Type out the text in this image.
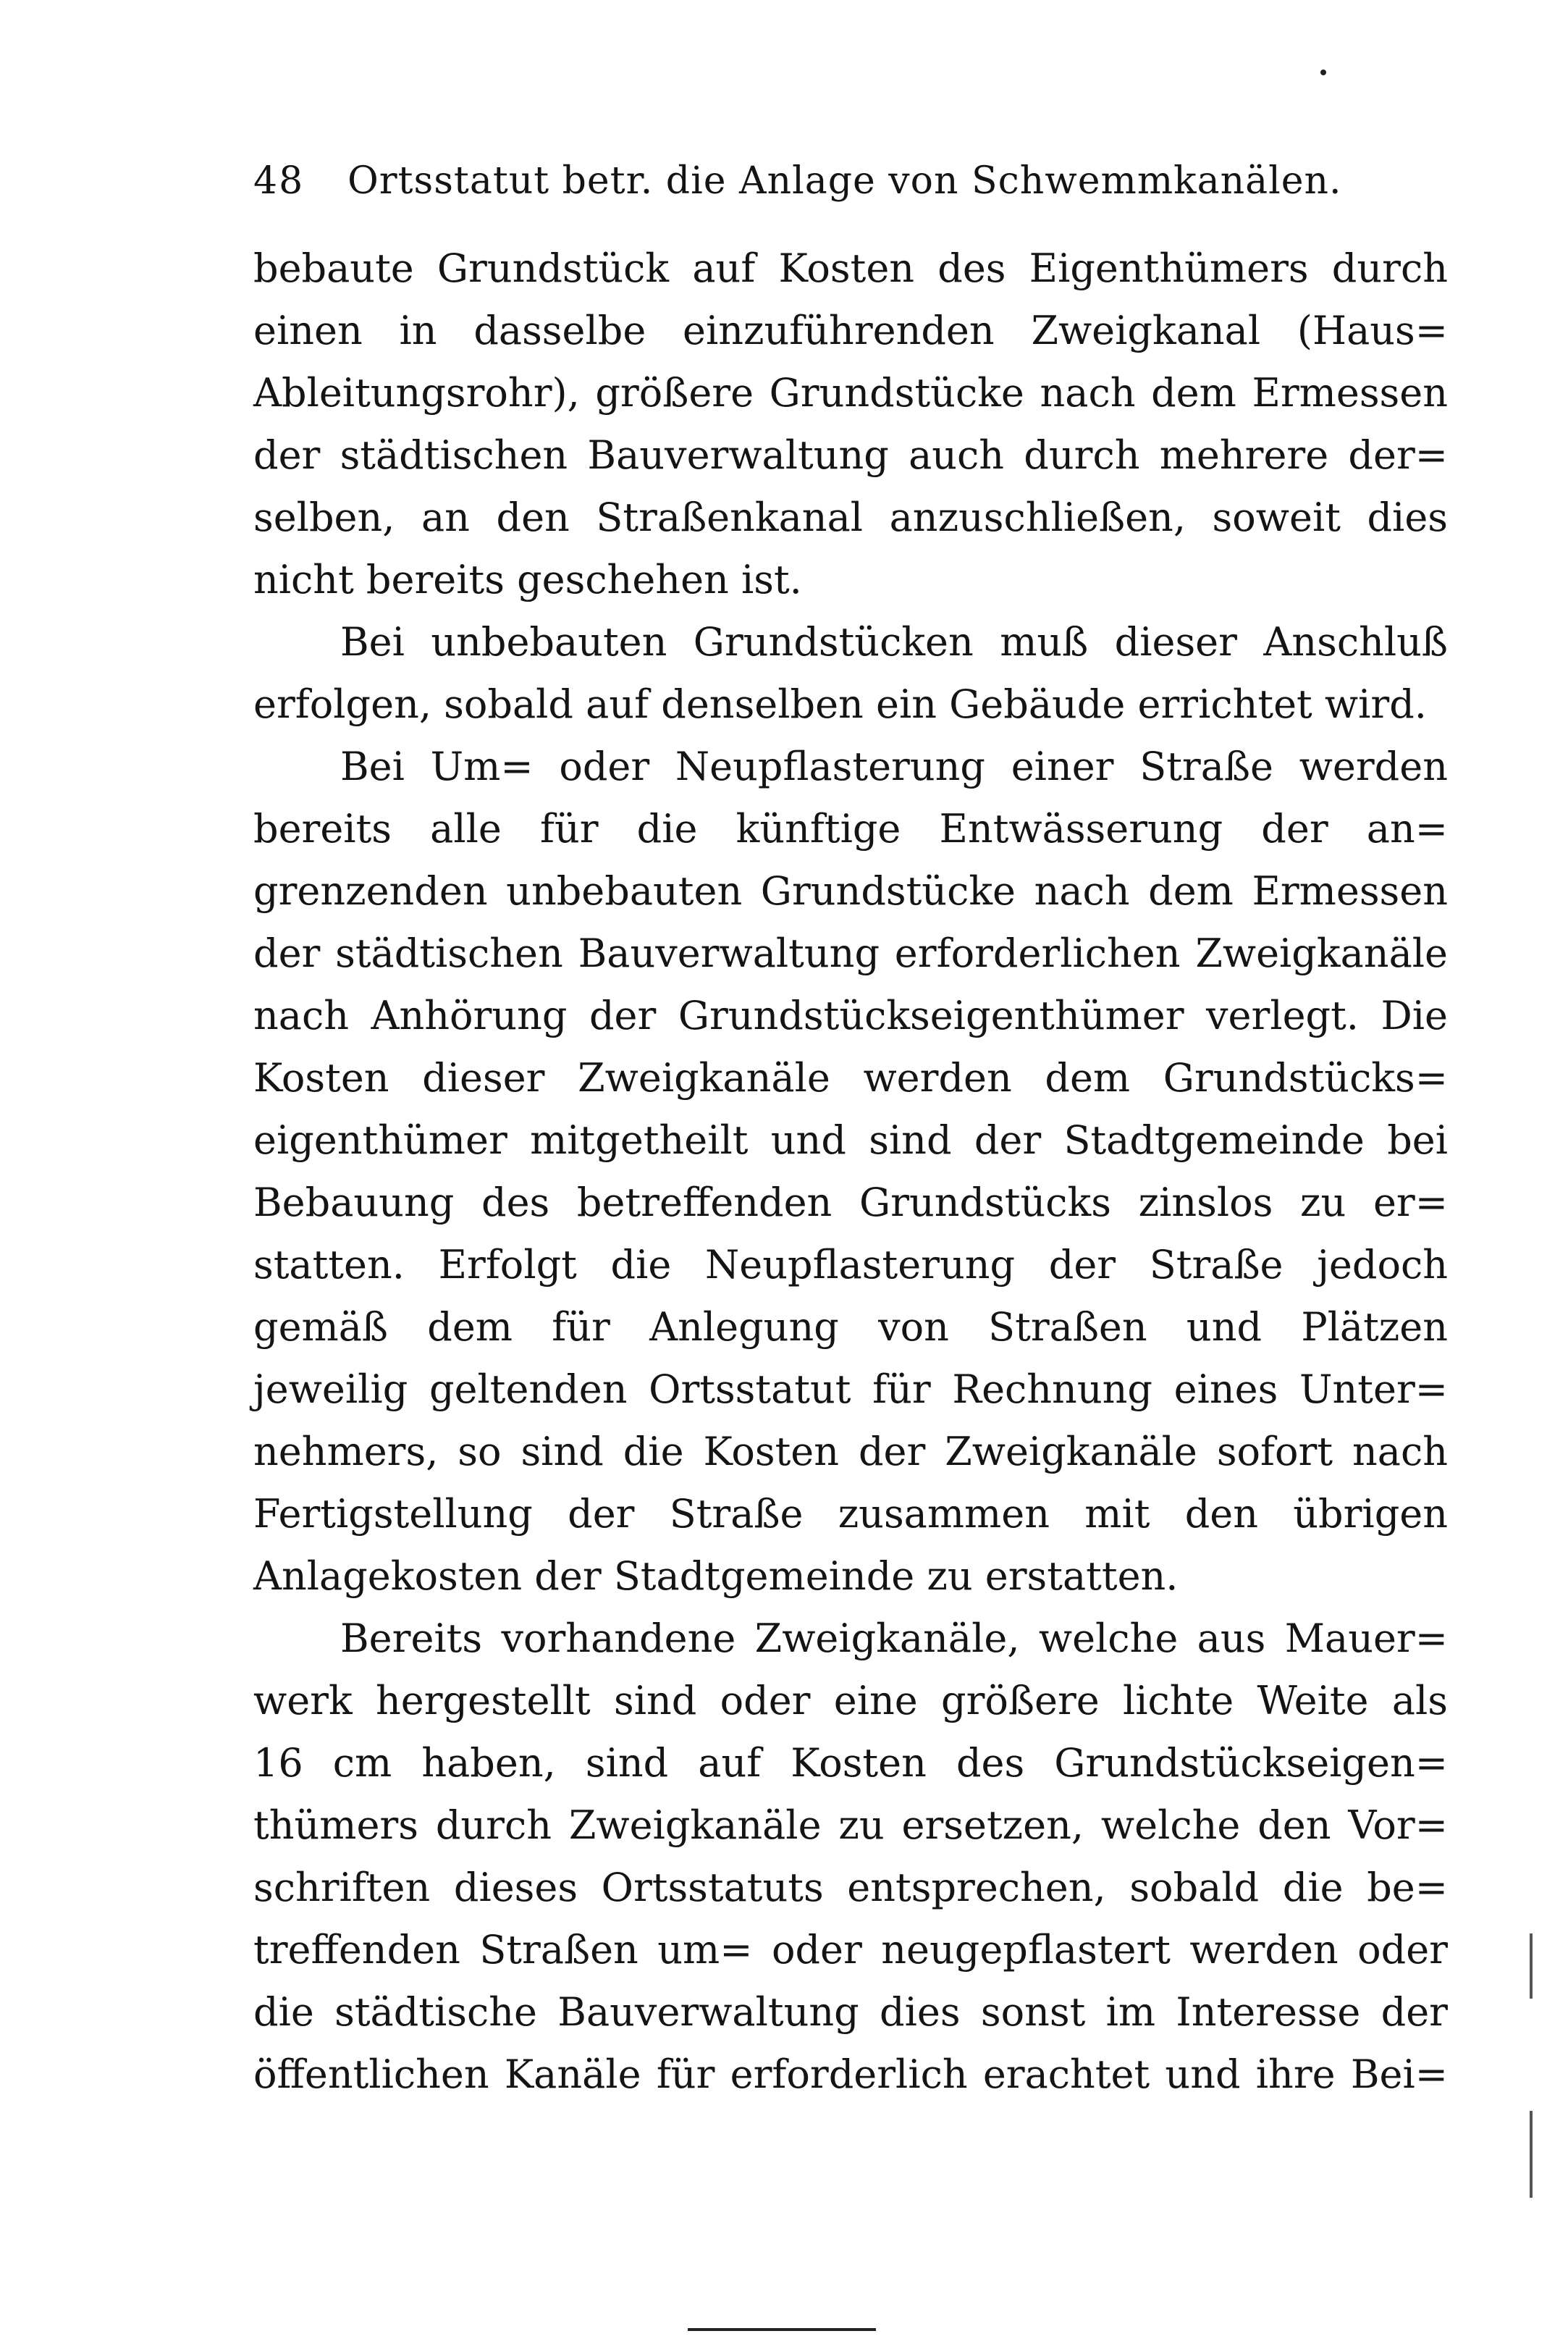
48 Ortsstatut betr. die Anlage von Schwemmkanälen.

bebaute Grundstück auf Kosten des Eigenthümers durch

einen in dasselbe einzuführenden Zweigkanal (Haus=

Ableitungsrohr), größere Grundstücke nach dem Ermessen

der städtischen Bauverwaltung auch durch mehrere der=

selben, an den Straßenkanal anzuschließen, soweit dies

nicht bereits geschehen ist.

Bei unbebauten Grundstücken muß dieser Anschluß

erfolgen, sobald auf denselben ein Gebäude errichtet wird.

Bei Um= oder Neupflasterung einer Straße werden

bereits alle für die künftige Entwässerung der an=

grenzenden unbebauten Grundstücke nach dem Ermessen

der städtischen Bauverwaltung erforderlichen Zweigkanäle

nach Anhörung der Grundstückseigenthümer verlegt. Die

Kosten dieser Zweigkanäle werden dem Grundstücks=

eigenthümer mitgetheilt und sind der Stadtgemeinde bei

Bebauung des betreffenden Grundstücks zinslos zu er=

statten. Erfolgt die Neupflasterung der Straße jedoch

gemäß dem für Anlegung von Straßen und Plätzen

jeweilig geltenden Ortsstatut für Rechnung eines Unter=

nehmers, so sind die Kosten der Zweigkanäle sofort nach

Fertigstellung der Straße zusammen mit den übrigen

Anlagekosten der Stadtgemeinde zu erstatten.

Bereits vorhandene Zweigkanäle, welche aus Mauer=

werk hergestellt sind oder eine größere lichte Weite als

16 cm haben, sind auf Kosten des Grundstückseigen=

thümers durch Zweigkanäle zu ersetzen, welche den Vor=

schriften dieses Ortsstatuts entsprechen, sobald die be=

treffenden Straßen um= oder neugepflastert werden oder

die städtische Bauverwaltung dies sonst im Interesse der

öffentlichen Kanäle für erforderlich erachtet und ihre Bei=
